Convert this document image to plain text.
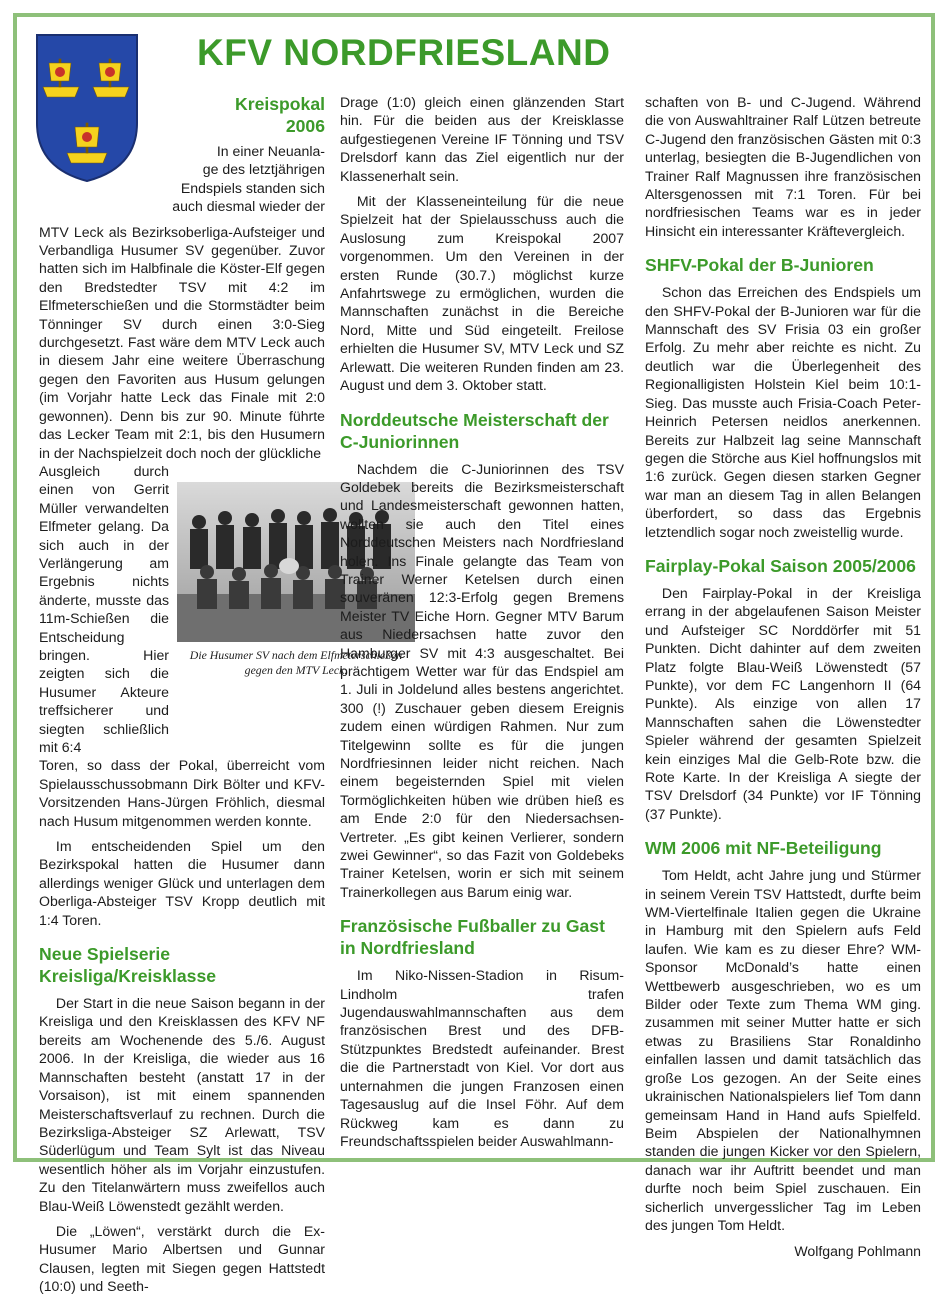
KFV NORDFRIESLAND
Kreispokal
2006

In einer Neuanla-
ge des letztjährigen
Endspiels standen sich
auch diesmal wieder der

MTV Leck als Bezirksoberliga-Aufsteiger und Verbandliga Husumer SV gegenüber. Zuvor hatten sich im Halbfinale die Köster-Elf gegen den Bredstedter TSV mit 4:2 im Elfmeterschießen und die Stormstädter beim Tönninger SV durch einen 3:0-Sieg durchgesetzt. Fast wäre dem MTV Leck auch in diesem Jahr eine weitere Überraschung gegen den Favoriten aus Husum gelungen (im Vorjahr hatte Leck das Finale mit 2:0 gewonnen). Denn bis zur 90. Minute führte das Lecker Team mit 2:1, bis den Husumern in der Nachspielzeit doch noch der glückliche

Ausgleich durch einen von Gerrit Müller verwandelten Elfmeter gelang. Da sich auch in der Verlängerung am Ergebnis nichts änderte, musste das 11m-Schießen die Entscheidung bringen. Hier zeigten sich die Husumer Akteure treffsicherer und siegten schließlich mit 6:4

Die Husumer SV nach dem Elfmeterschießen gegen den MTV Leck.

Toren, so dass der Pokal, überreicht vom Spielausschussobmann Dirk Bölter und KFV-Vorsitzenden Hans-Jürgen Fröhlich, diesmal nach Husum mitgenommen werden konnte.

Im entscheidenden Spiel um den Bezirkspokal hatten die Husumer dann allerdings weniger Glück und unterlagen dem Oberliga-Absteiger TSV Kropp deutlich mit 1:4 Toren.

Neue Spielserie Kreisliga/Kreisklasse

Der Start in die neue Saison begann in der Kreisliga und den Kreisklassen des KFV NF bereits am Wochenende des 5./6. August 2006. In der Kreisliga, die wieder aus 16 Mannschaften besteht (anstatt 17 in der Vorsaison), ist mit einem spannenden Meisterschaftsverlauf zu rechnen. Durch die Bezirksliga-Absteiger SZ Arlewatt, TSV Süderlügum und Team Sylt ist das Niveau wesentlich höher als im Vorjahr einzustufen. Zu den Titelanwärtern muss zweifellos auch Blau-Weiß Löwenstedt gezählt werden.

Die „Löwen“, verstärkt durch die Ex-Husumer Mario Albertsen und Gunnar Clausen, legten mit Siegen gegen Hattstedt (10:0) und Seeth-

Drage (1:0) gleich einen glänzenden Start hin. Für die beiden aus der Kreisklasse aufgestiegenen Vereine IF Tönning und TSV Drelsdorf kann das Ziel eigentlich nur der Klassenerhalt sein.

Mit der Klasseneinteilung für die neue Spielzeit hat der Spielausschuss auch die Auslosung zum Kreispokal 2007 vorgenommen. Um den Vereinen in der ersten Runde (30.7.) möglichst kurze Anfahrtswege zu ermöglichen, wurden die Mannschaften zunächst in die Bereiche Nord, Mitte und Süd eingeteilt. Freilose erhielten die Husumer SV, MTV Leck und SZ Arlewatt. Die weiteren Runden finden am 23. August und dem 3. Oktober statt.

Norddeutsche Meisterschaft der C-Juniorinnen

Nachdem die C-Juniorinnen des TSV Goldebek bereits die Bezirksmeisterschaft und Landesmeisterschaft gewonnen hatten, wollten sie auch den Titel eines Norddeutschen Meisters nach Nordfriesland holen. Ins Finale gelangte das Team von Trainer Werner Ketelsen durch einen souveränen 12:3-Erfolg gegen Bremens Meister TV Eiche Horn. Gegner MTV Barum aus Niedersachsen hatte zuvor den Hamburger SV mit 4:3 ausgeschaltet. Bei prächtigem Wetter war für das Endspiel am 1. Juli in Joldelund alles bestens angerichtet. 300 (!) Zuschauer geben diesem Ereignis zudem einen würdigen Rahmen. Nur zum Titelgewinn sollte es für die jungen Nordfriesinnen leider nicht reichen. Nach einem begeisternden Spiel mit vielen Tormöglichkeiten hüben wie drüben hieß es am Ende 2:0 für den Niedersachsen-Vertreter. „Es gibt keinen Verlierer, sondern zwei Gewinner“, so das Fazit von Goldebeks Trainer Ketelsen, worin er sich mit seinem Trainerkollegen aus Barum einig war.

Französische Fußballer zu Gast in Nordfriesland

Im Niko-Nissen-Stadion in Risum-Lindholm trafen Jugendauswahlmannschaften aus dem französischen Brest und des DFB-Stützpunktes Bredstedt aufeinander. Brest die die Partnerstadt von Kiel. Vor dort aus unternahmen die jungen Franzosen einen Tagesauslug auf die Insel Föhr. Auf dem Rückweg kam es dann zu Freundschaftsspielen beider Auswahlmann-

schaften von B- und C-Jugend. Während die von Auswahltrainer Ralf Lützen betreute C-Jugend den französischen Gästen mit 0:3 unterlag, besiegten die B-Jugendlichen von Trainer Ralf Magnussen ihre französischen Altersgenossen mit 7:1 Toren. Für bei nordfriesischen Teams war es in jeder Hinsicht ein interessanter Kräftevergleich.

SHFV-Pokal der B-Junioren

Schon das Erreichen des Endspiels um den SHFV-Pokal der B-Junioren war für die Mannschaft des SV Frisia 03 ein großer Erfolg. Zu mehr aber reichte es nicht. Zu deutlich war die Überlegenheit des Regionalligisten Holstein Kiel beim 10:1-Sieg. Das musste auch Frisia-Coach Peter-Heinrich Petersen neidlos anerkennen. Bereits zur Halbzeit lag seine Mannschaft gegen die Störche aus Kiel hoffnungslos mit 1:6 zurück. Gegen diesen starken Gegner war man an diesem Tag in allen Belangen überfordert, so dass das Ergebnis letztendlich sogar noch zweistellig wurde.

Fairplay-Pokal Saison 2005/2006

Den Fairplay-Pokal in der Kreisliga errang in der abgelaufenen Saison Meister und Aufsteiger SC Norddörfer mit 51 Punkten. Dicht dahinter auf dem zweiten Platz folgte Blau-Weiß Löwenstedt (57 Punkte), vor dem FC Langenhorn II (64 Punkte). Als einzige von allen 17 Mannschaften sahen die Löwenstedter Spieler während der gesamten Spielzeit kein einziges Mal die Gelb-Rote bzw. die Rote Karte. In der Kreisliga A siegte der TSV Drelsdorf (34 Punkte) vor IF Tönning (37 Punkte).

WM 2006 mit NF-Beteiligung

Tom Heldt, acht Jahre jung und Stürmer in seinem Verein TSV Hattstedt, durfte beim WM-Viertelfinale Italien gegen die Ukraine in Hamburg mit den Spielern aufs Feld laufen. Wie kam es zu dieser Ehre? WM-Sponsor McDonald’s hatte einen Wettbewerb ausgeschrieben, wo es um Bilder oder Texte zum Thema WM ging. zusammen mit seiner Mutter hatte er sich etwas zu Brasiliens Star Ronaldinho einfallen lassen und damit tatsächlich das große Los gezogen. An der Seite eines ukrainischen Nationalspielers lief Tom dann gemeinsam Hand in Hand aufs Spielfeld. Beim Abspielen der Nationalhymnen standen die jungen Kicker vor den Spielern, danach war ihr Auftritt beendet und man durfte noch beim Spiel zuschauen. Ein sicherlich unvergesslicher Tag im Leben des jungen Tom Heldt.

Wolfgang Pohlmann
